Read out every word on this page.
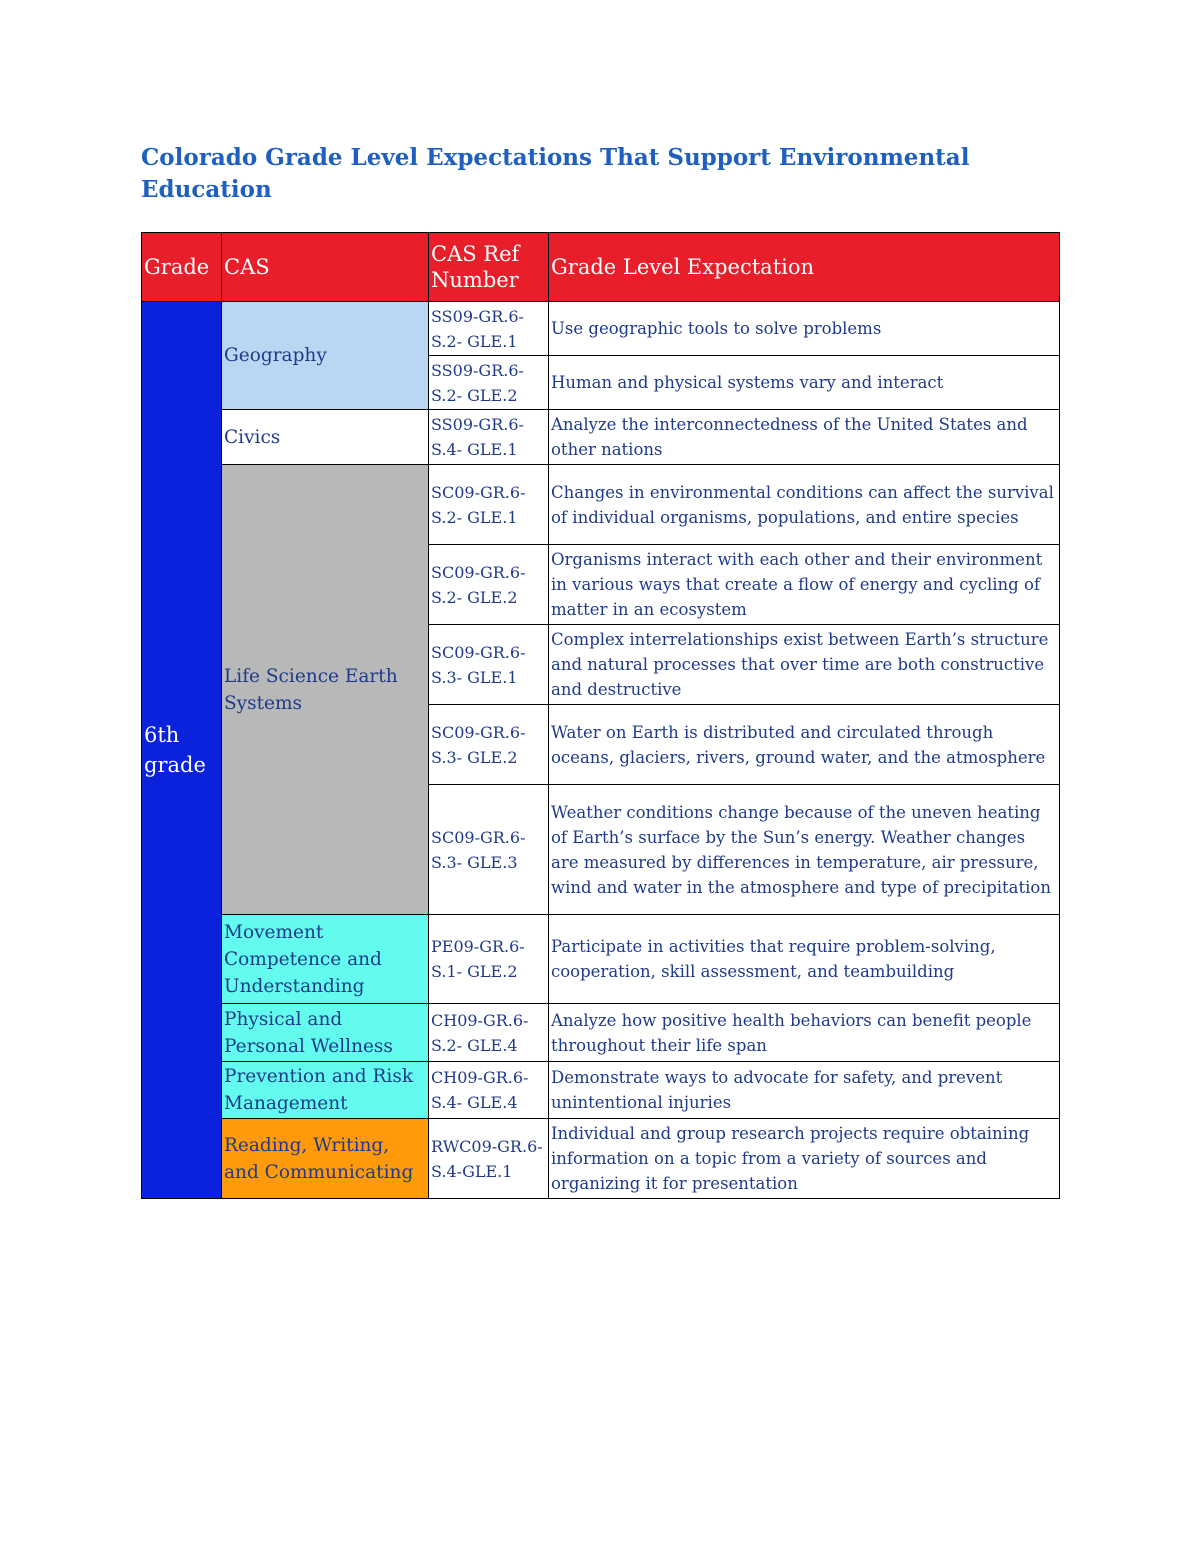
Colorado Grade Level Expectations That Support Environmental Education
Grade	CAS	CAS Ref Number	Grade Level Expectation
6th grade	Geography	SS09-GR.6-S.2- GLE.1	Use geographic tools to solve problems
		SS09-GR.6-S.2- GLE.2	Human and physical systems vary and interact
	Civics	SS09-GR.6-S.4- GLE.1	Analyze the interconnectedness of the United States and other nations
	Life Science Earth Systems	SC09-GR.6-S.2- GLE.1	Changes in environmental conditions can affect the survival of individual organisms, populations, and entire species
		SC09-GR.6-S.2- GLE.2	Organisms interact with each other and their environment in various ways that create a flow of energy and cycling of matter in an ecosystem
		SC09-GR.6-S.3- GLE.1	Complex interrelationships exist between Earth’s structure and natural processes that over time are both constructive and destructive
		SC09-GR.6-S.3- GLE.2	Water on Earth is distributed and circulated through oceans, glaciers, rivers, ground water, and the atmosphere
		SC09-GR.6-S.3- GLE.3	Weather conditions change because of the uneven heating of Earth’s surface by the Sun’s energy. Weather changes are measured by differences in temperature, air pressure, wind and water in the atmosphere and type of precipitation
	Movement Competence and Understanding	PE09-GR.6-S.1- GLE.2	Participate in activities that require problem-solving, cooperation, skill assessment, and teambuilding
	Physical and Personal Wellness	CH09-GR.6-S.2- GLE.4	Analyze how positive health behaviors can benefit people throughout their life span
	Prevention and Risk Management	CH09-GR.6-S.4- GLE.4	Demonstrate ways to advocate for safety, and prevent unintentional injuries
	Reading, Writing, and Communicating	RWC09-GR.6- S.4-GLE.1	Individual and group research projects require obtaining information on a topic from a variety of sources and organizing it for presentation
